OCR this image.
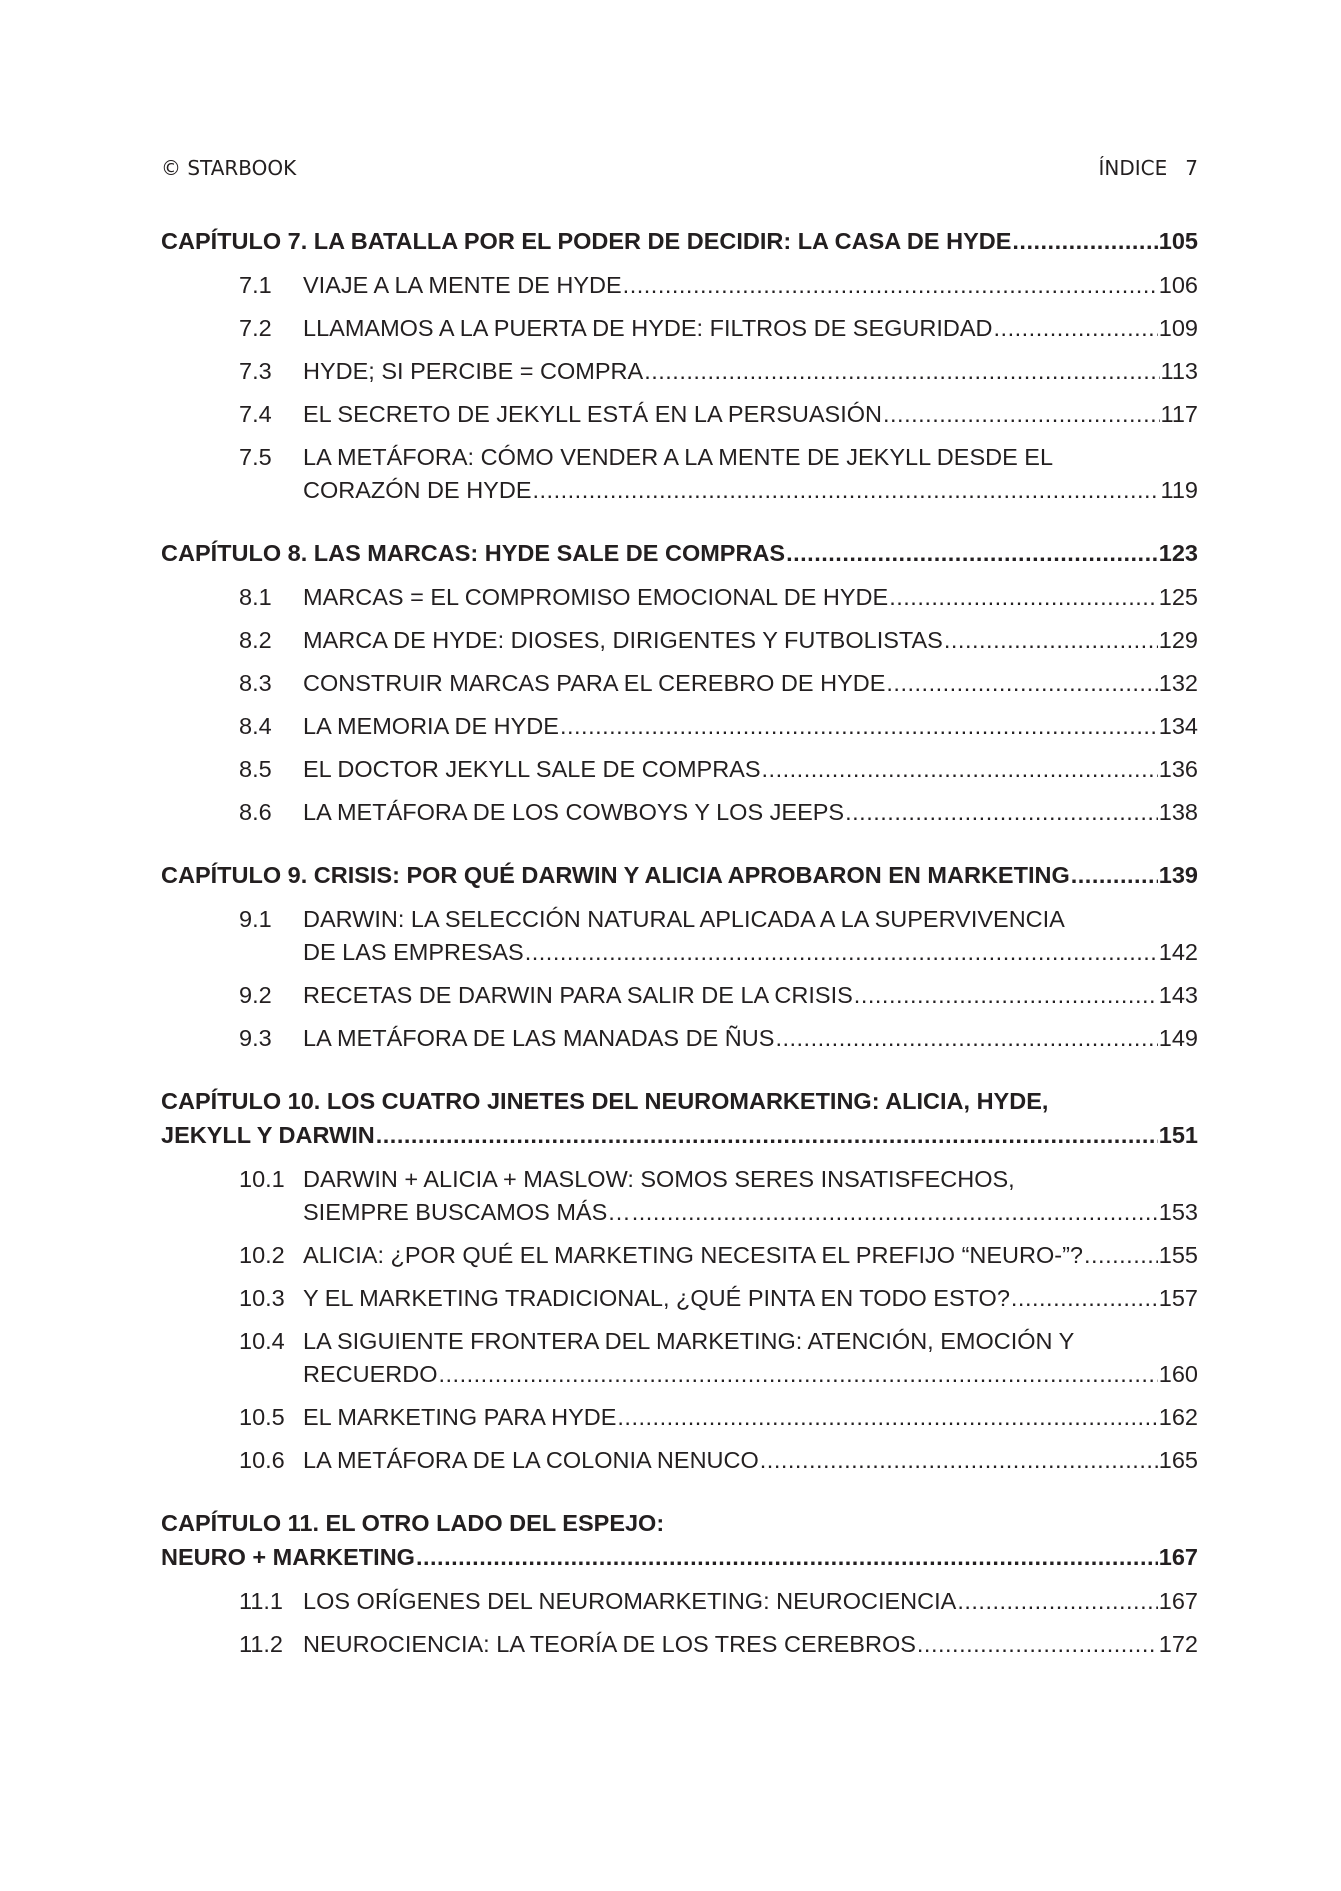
© STARBOOK	ÍNDICE 7
CAPÍTULO 7. LA BATALLA POR EL PODER DE DECIDIR: LA CASA DE HYDE .....	105
7.1	VIAJE A LA MENTE DE HYDE .....	106
7.2	LLAMAMOS A LA PUERTA DE HYDE: FILTROS DE SEGURIDAD .....	109
7.3	HYDE; SI PERCIBE = COMPRA .....	113
7.4	EL SECRETO DE JEKYLL ESTÁ EN LA PERSUASIÓN .....	117
7.5	LA METÁFORA: CÓMO VENDER A LA MENTE DE JEKYLL DESDE EL
CORAZÓN DE HYDE .....	119
CAPÍTULO 8. LAS MARCAS: HYDE SALE DE COMPRAS .....	123
8.1	MARCAS = EL COMPROMISO EMOCIONAL DE HYDE .....	125
8.2	MARCA DE HYDE: DIOSES, DIRIGENTES Y FUTBOLISTAS .....	129
8.3	CONSTRUIR MARCAS PARA EL CEREBRO DE HYDE .....	132
8.4	LA MEMORIA DE HYDE .....	134
8.5	EL DOCTOR JEKYLL SALE DE COMPRAS .....	136
8.6	LA METÁFORA DE LOS COWBOYS Y LOS JEEPS .....	138
CAPÍTULO 9. CRISIS: POR QUÉ DARWIN Y ALICIA APROBARON EN MARKETING .....	139
9.1	DARWIN: LA SELECCIÓN NATURAL APLICADA A LA SUPERVIVENCIA
DE LAS EMPRESAS .....	142
9.2	RECETAS DE DARWIN PARA SALIR DE LA CRISIS .....	143
9.3	LA METÁFORA DE LAS MANADAS DE ÑUS .....	149
CAPÍTULO 10. LOS CUATRO JINETES DEL NEUROMARKETING: ALICIA, HYDE,
JEKYLL Y DARWIN .....	151
10.1 DARWIN + ALICIA + MASLOW: SOMOS SERES INSATISFECHOS,
SIEMPRE BUSCAMOS MÁS… .....	153
10.2 ALICIA: ¿POR QUÉ EL MARKETING NECESITA EL PREFIJO “NEURO-”? .....	155
10.3 Y EL MARKETING TRADICIONAL, ¿QUÉ PINTA EN TODO ESTO? .....	157
10.4 LA SIGUIENTE FRONTERA DEL MARKETING: ATENCIÓN, EMOCIÓN Y
RECUERDO .....	160
10.5 EL MARKETING PARA HYDE .....	162
10.6 LA METÁFORA DE LA COLONIA NENUCO .....	165
CAPÍTULO 11. EL OTRO LADO DEL ESPEJO:
NEURO + MARKETING .....	167
11.1 LOS ORÍGENES DEL NEUROMARKETING: NEUROCIENCIA .....	167
11.2 NEUROCIENCIA: LA TEORÍA DE LOS TRES CEREBROS .....	172
